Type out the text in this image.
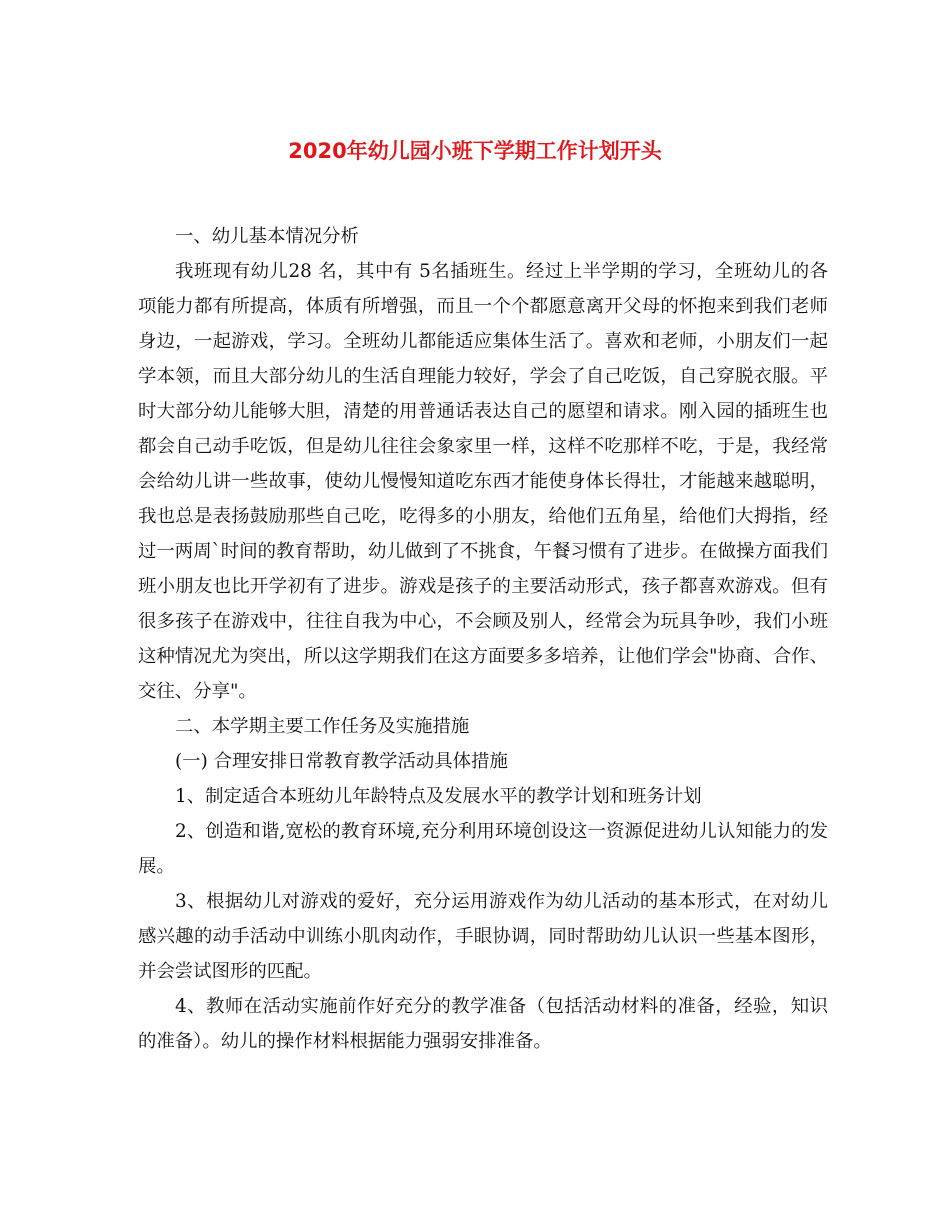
2020年幼儿园小班下学期工作计划开头

一、幼儿基本情况分析

我班现有幼儿28 名，其中有 5名插班生。经过上半学期的学习，全班幼儿的各项能力都有所提高，体质有所增强，而且一个个都愿意离开父母的怀抱来到我们老师身边，一起游戏，学习。全班幼儿都能适应集体生活了。喜欢和老师，小朋友们一起学本领，而且大部分幼儿的生活自理能力较好，学会了自己吃饭，自己穿脱衣服。平时大部分幼儿能够大胆，清楚的用普通话表达自己的愿望和请求。刚入园的插班生也都会自己动手吃饭，但是幼儿往往会象家里一样，这样不吃那样不吃，于是，我经常会给幼儿讲一些故事，使幼儿慢慢知道吃东西才能使身体长得壮，才能越来越聪明，我也总是表扬鼓励那些自己吃，吃得多的小朋友，给他们五角星，给他们大拇指，经过一两周`时间的教育帮助，幼儿做到了不挑食，午餐习惯有了进步。在做操方面我们班小朋友也比开学初有了进步。游戏是孩子的主要活动形式，孩子都喜欢游戏。但有很多孩子在游戏中，往往自我为中心，不会顾及别人，经常会为玩具争吵，我们小班这种情况尤为突出，所以这学期我们在这方面要多多培养，让他们学会"协商、合作、交往、分享"。

二、本学期主要工作任务及实施措施

(一) 合理安排日常教育教学活动具体措施

1、制定适合本班幼儿年龄特点及发展水平的教学计划和班务计划

2、创造和谐,宽松的教育环境,充分利用环境创设这一资源促进幼儿认知能力的发展。

3、根据幼儿对游戏的爱好，充分运用游戏作为幼儿活动的基本形式，在对幼儿感兴趣的动手活动中训练小肌肉动作，手眼协调，同时帮助幼儿认识一些基本图形，并会尝试图形的匹配。

4、教师在活动实施前作好充分的教学准备（包括活动材料的准备，经验，知识的准备）。幼儿的操作材料根据能力强弱安排准备。
